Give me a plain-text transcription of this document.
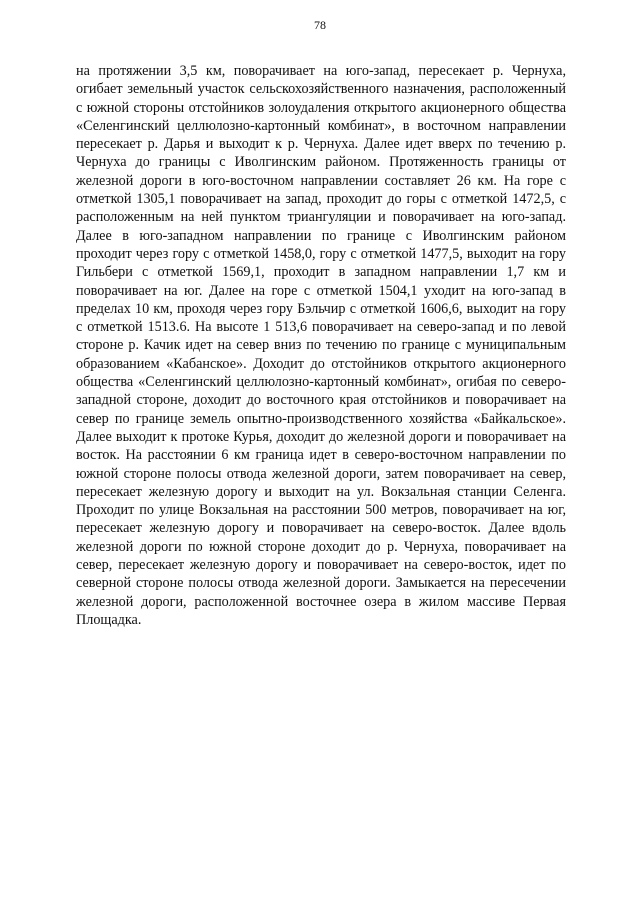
78

на протяжении 3,5 км, поворачивает на юго-запад, пересекает р. Чернуха, огибает земельный участок сельскохозяйственного назначения, расположенный с южной стороны отстойников золоудаления открытого акционерного общества «Селенгинский целлюлозно-картонный комбинат», в восточном направлении пересекает р. Дарья и выходит к р. Чернуха. Далее идет вверх по течению р. Чернуха до границы с Иволгинским районом. Протяженность границы от железной дороги в юго-восточном направлении составляет 26 км. На горе с отметкой 1305,1 поворачивает на запад, проходит до горы с отметкой 1472,5, с расположенным на ней пунктом триангуляции и поворачивает на юго-запад. Далее в юго-западном направлении по границе с Иволгинским районом проходит через гору с отметкой 1458,0, гору с отметкой 1477,5, выходит на гору Гильбери с отметкой 1569,1, проходит в западном направлении 1,7 км и поворачивает на юг. Далее на горе с отметкой 1504,1 уходит на юго-запад в пределах 10 км, проходя через гору Бэльчир с отметкой 1606,6, выходит на гору с отметкой 1513.6. На высоте 1 513,6 поворачивает на северо-запад и по левой стороне р. Качик идет на север вниз по течению по границе с муниципальным образованием «Кабанское». Доходит до отстойников открытого акционерного общества «Селенгинский целлюлозно-картонный комбинат», огибая по северо-западной стороне, доходит до восточного края отстойников и поворачивает на север по границе земель опытно-производственного хозяйства «Байкальское». Далее выходит к протоке Курья, доходит до железной дороги и поворачивает на восток. На расстоянии 6 км граница идет в северо-восточном направлении по южной стороне полосы отвода железной дороги, затем поворачивает на север, пересекает железную дорогу и выходит на ул. Вокзальная станции Селенга. Проходит по улице Вокзальная на расстоянии 500 метров, поворачивает на юг, пересекает железную дорогу и поворачивает на северо-восток. Далее вдоль железной дороги по южной стороне доходит до р. Чернуха, поворачивает на север, пересекает железную дорогу и поворачивает на северо-восток, идет по северной стороне полосы отвода железной дороги. Замыкается на пересечении железной дороги, расположенной восточнее озера в жилом массиве Первая Площадка.
